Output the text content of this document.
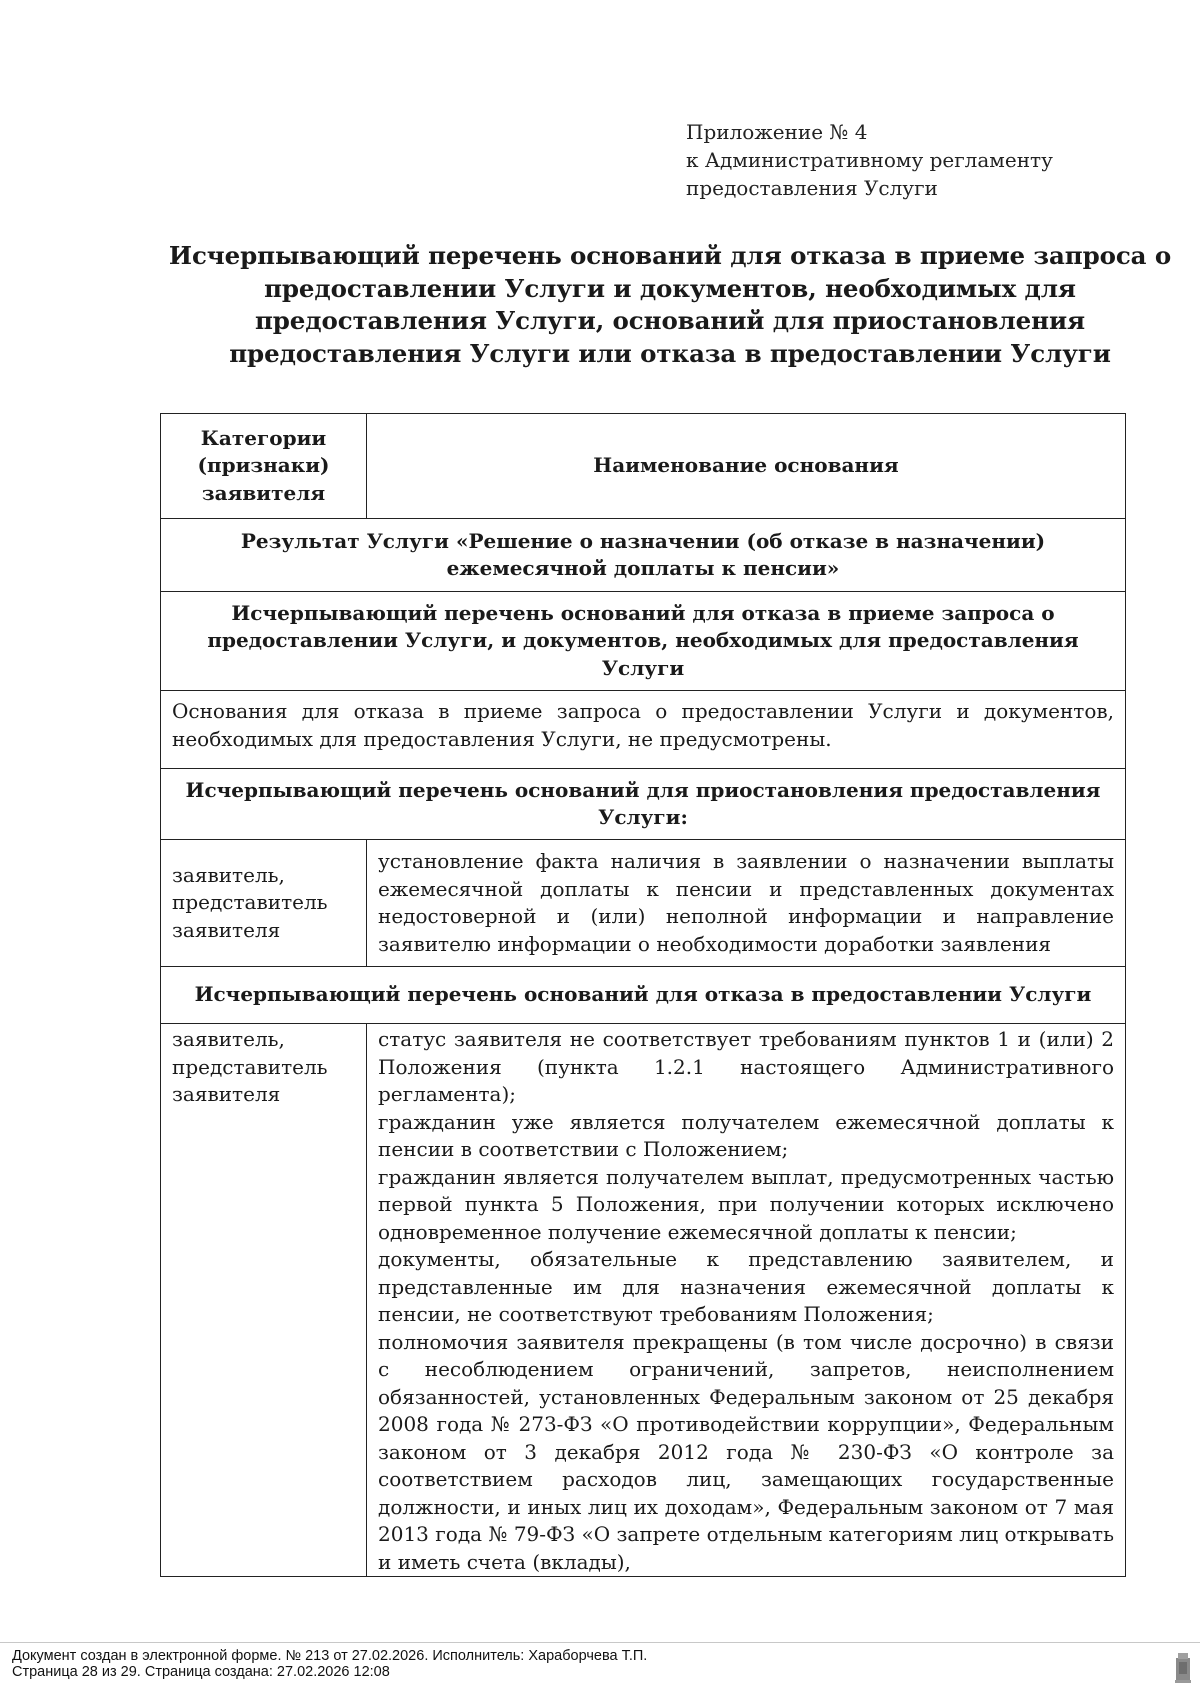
Приложение № 4
к Административному регламенту
предоставления Услуги
Исчерпывающий перечень оснований для отказа в приеме запроса о предоставлении Услуги и документов, необходимых для предоставления Услуги, оснований для приостановления предоставления Услуги или отказа в предоставлении Услуги
Категории (признаки) заявителя	Наименование основания
Результат Услуги «Решение о назначении (об отказе в назначении) ежемесячной доплаты к пенсии»	
Исчерпывающий перечень оснований для отказа в приеме запроса о предоставлении Услуги, и документов, необходимых для предоставления Услуги	
Основания для отказа в приеме запроса о предоставлении Услуги и документов, необходимых для предоставления Услуги, не предусмотрены.	
Исчерпывающий перечень оснований для приостановления предоставления Услуги:	
заявитель, представитель заявителя	установление факта наличия в заявлении о назначении выплаты ежемесячной доплаты к пенсии и представленных документах недостоверной и (или) неполной информации и направление заявителю информации о необходимости доработки заявления
Исчерпывающий перечень оснований для отказа в предоставлении Услуги	
заявитель, представитель заявителя	статус заявителя не соответствует требованиям пунктов 1 и (или) 2 Положения (пункта 1.2.1 настоящего Административного регламента);
гражданин уже является получателем ежемесячной доплаты к пенсии в соответствии с Положением;
гражданин является получателем выплат, предусмотренных частью первой пункта 5 Положения, при получении которых исключено одновременное получение ежемесячной доплаты к пенсии;
документы, обязательные к представлению заявителем, и представленные им для назначения ежемесячной доплаты к пенсии, не соответствуют требованиям Положения;
полномочия заявителя прекращены (в том числе досрочно) в связи с несоблюдением ограничений, запретов, неисполнением обязанностей, установленных Федеральным законом от 25 декабря 2008 года № 273-ФЗ «О противодействии коррупции», Федеральным законом от 3 декабря 2012 года № 230-ФЗ «О контроле за соответствием расходов лиц, замещающих государственные должности, и иных лиц их доходам», Федеральным законом от 7 мая 2013 года № 79-ФЗ «О запрете отдельным категориям лиц открывать и иметь счета (вклады),
Документ создан в электронной форме. № 213 от 27.02.2026. Исполнитель: Хараборчева Т.П.
Страница 28 из 29. Страница создана: 27.02.2026 12:08
